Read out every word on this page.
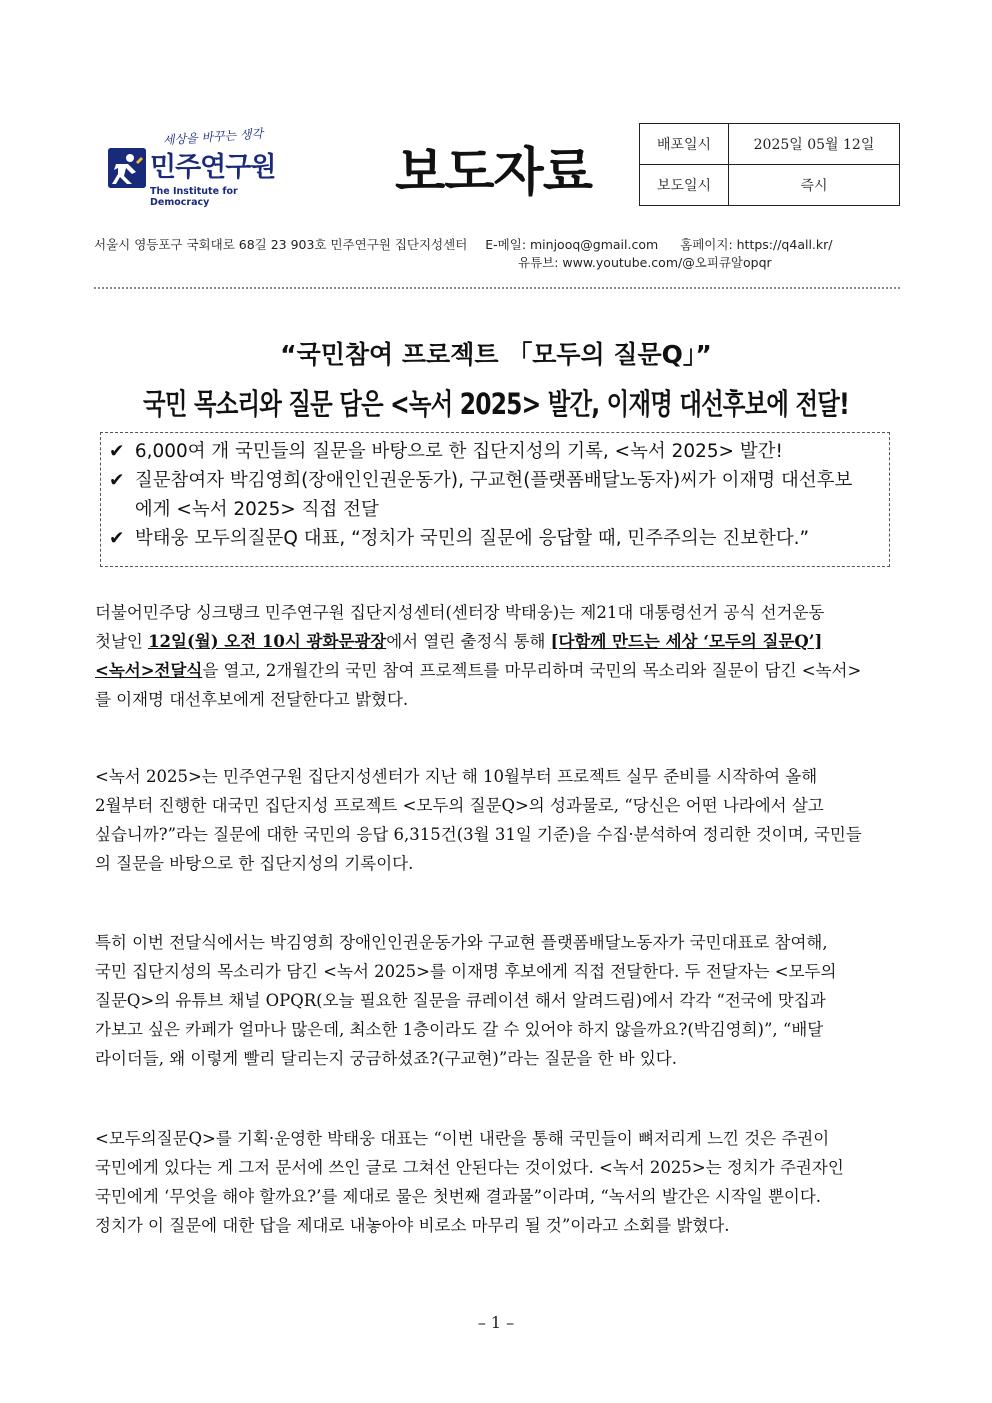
세상을 바꾸는 생각
민주연구원
The Institute for Democracy	보도자료	배포일시	2025일 05월 12일
보도일시	즉시
서울시 영등포구 국회대로 68길 23 903호 민주연구원 집단지성센터 E-메일: minjooq@gmail.com 홈페이지: https://q4all.kr/
유튜브: www.youtube.com/@오피큐알opqr
“국민참여 프로젝트 「모두의 질문Q」”
국민 목소리와 질문 담은 <녹서 2025> 발간, 이재명 대선후보에 전달!
✔ 6,000여 개 국민들의 질문을 바탕으로 한 집단지성의 기록, <녹서 2025> 발간!
✔ 질문참여자 박김영희(장애인인권운동가), 구교현(플랫폼배달노동자)씨가 이재명 대선후보
에게 <녹서 2025> 직접 전달
✔ 박태웅 모두의질문Q 대표, “정치가 국민의 질문에 응답할 때, 민주주의는 진보한다.”
더불어민주당 싱크탱크 민주연구원 집단지성센터(센터장 박태웅)는 제21대 대통령선거 공식 선거운동
첫날인 12일(월) 오전 10시 광화문광장에서 열린 출정식 통해 [다함께 만드는 세상 ‘모두의 질문Q’]
<녹서>전달식을 열고, 2개월간의 국민 참여 프로젝트를 마무리하며 국민의 목소리와 질문이 담긴 <녹서>
를 이재명 대선후보에게 전달한다고 밝혔다.
<녹서 2025>는 민주연구원 집단지성센터가 지난 해 10월부터 프로젝트 실무 준비를 시작하여 올해
2월부터 진행한 대국민 집단지성 프로젝트 <모두의 질문Q>의 성과물로, “당신은 어떤 나라에서 살고
싶습니까?”라는 질문에 대한 국민의 응답 6,315건(3월 31일 기준)을 수집·분석하여 정리한 것이며, 국민들
의 질문을 바탕으로 한 집단지성의 기록이다.
특히 이번 전달식에서는 박김영희 장애인인권운동가와 구교현 플랫폼배달노동자가 국민대표로 참여해,
국민 집단지성의 목소리가 담긴 <녹서 2025>를 이재명 후보에게 직접 전달한다. 두 전달자는 <모두의
질문Q>의 유튜브 채널 OPQR(오늘 필요한 질문을 큐레이션 해서 알려드림)에서 각각 “전국에 맛집과
가보고 싶은 카페가 얼마나 많은데, 최소한 1층이라도 갈 수 있어야 하지 않을까요?(박김영희)”, “배달
라이더들, 왜 이렇게 빨리 달리는지 궁금하셨죠?(구교현)”라는 질문을 한 바 있다.
<모두의질문Q>를 기획·운영한 박태웅 대표는 “이번 내란을 통해 국민들이 뼈저리게 느낀 것은 주권이
국민에게 있다는 게 그저 문서에 쓰인 글로 그쳐선 안된다는 것이었다. <녹서 2025>는 정치가 주권자인
국민에게 ‘무엇을 해야 할까요?’를 제대로 물은 첫번째 결과물”이라며, “녹서의 발간은 시작일 뿐이다.
정치가 이 질문에 대한 답을 제대로 내놓아야 비로소 마무리 될 것”이라고 소회를 밝혔다.
– 1 –
